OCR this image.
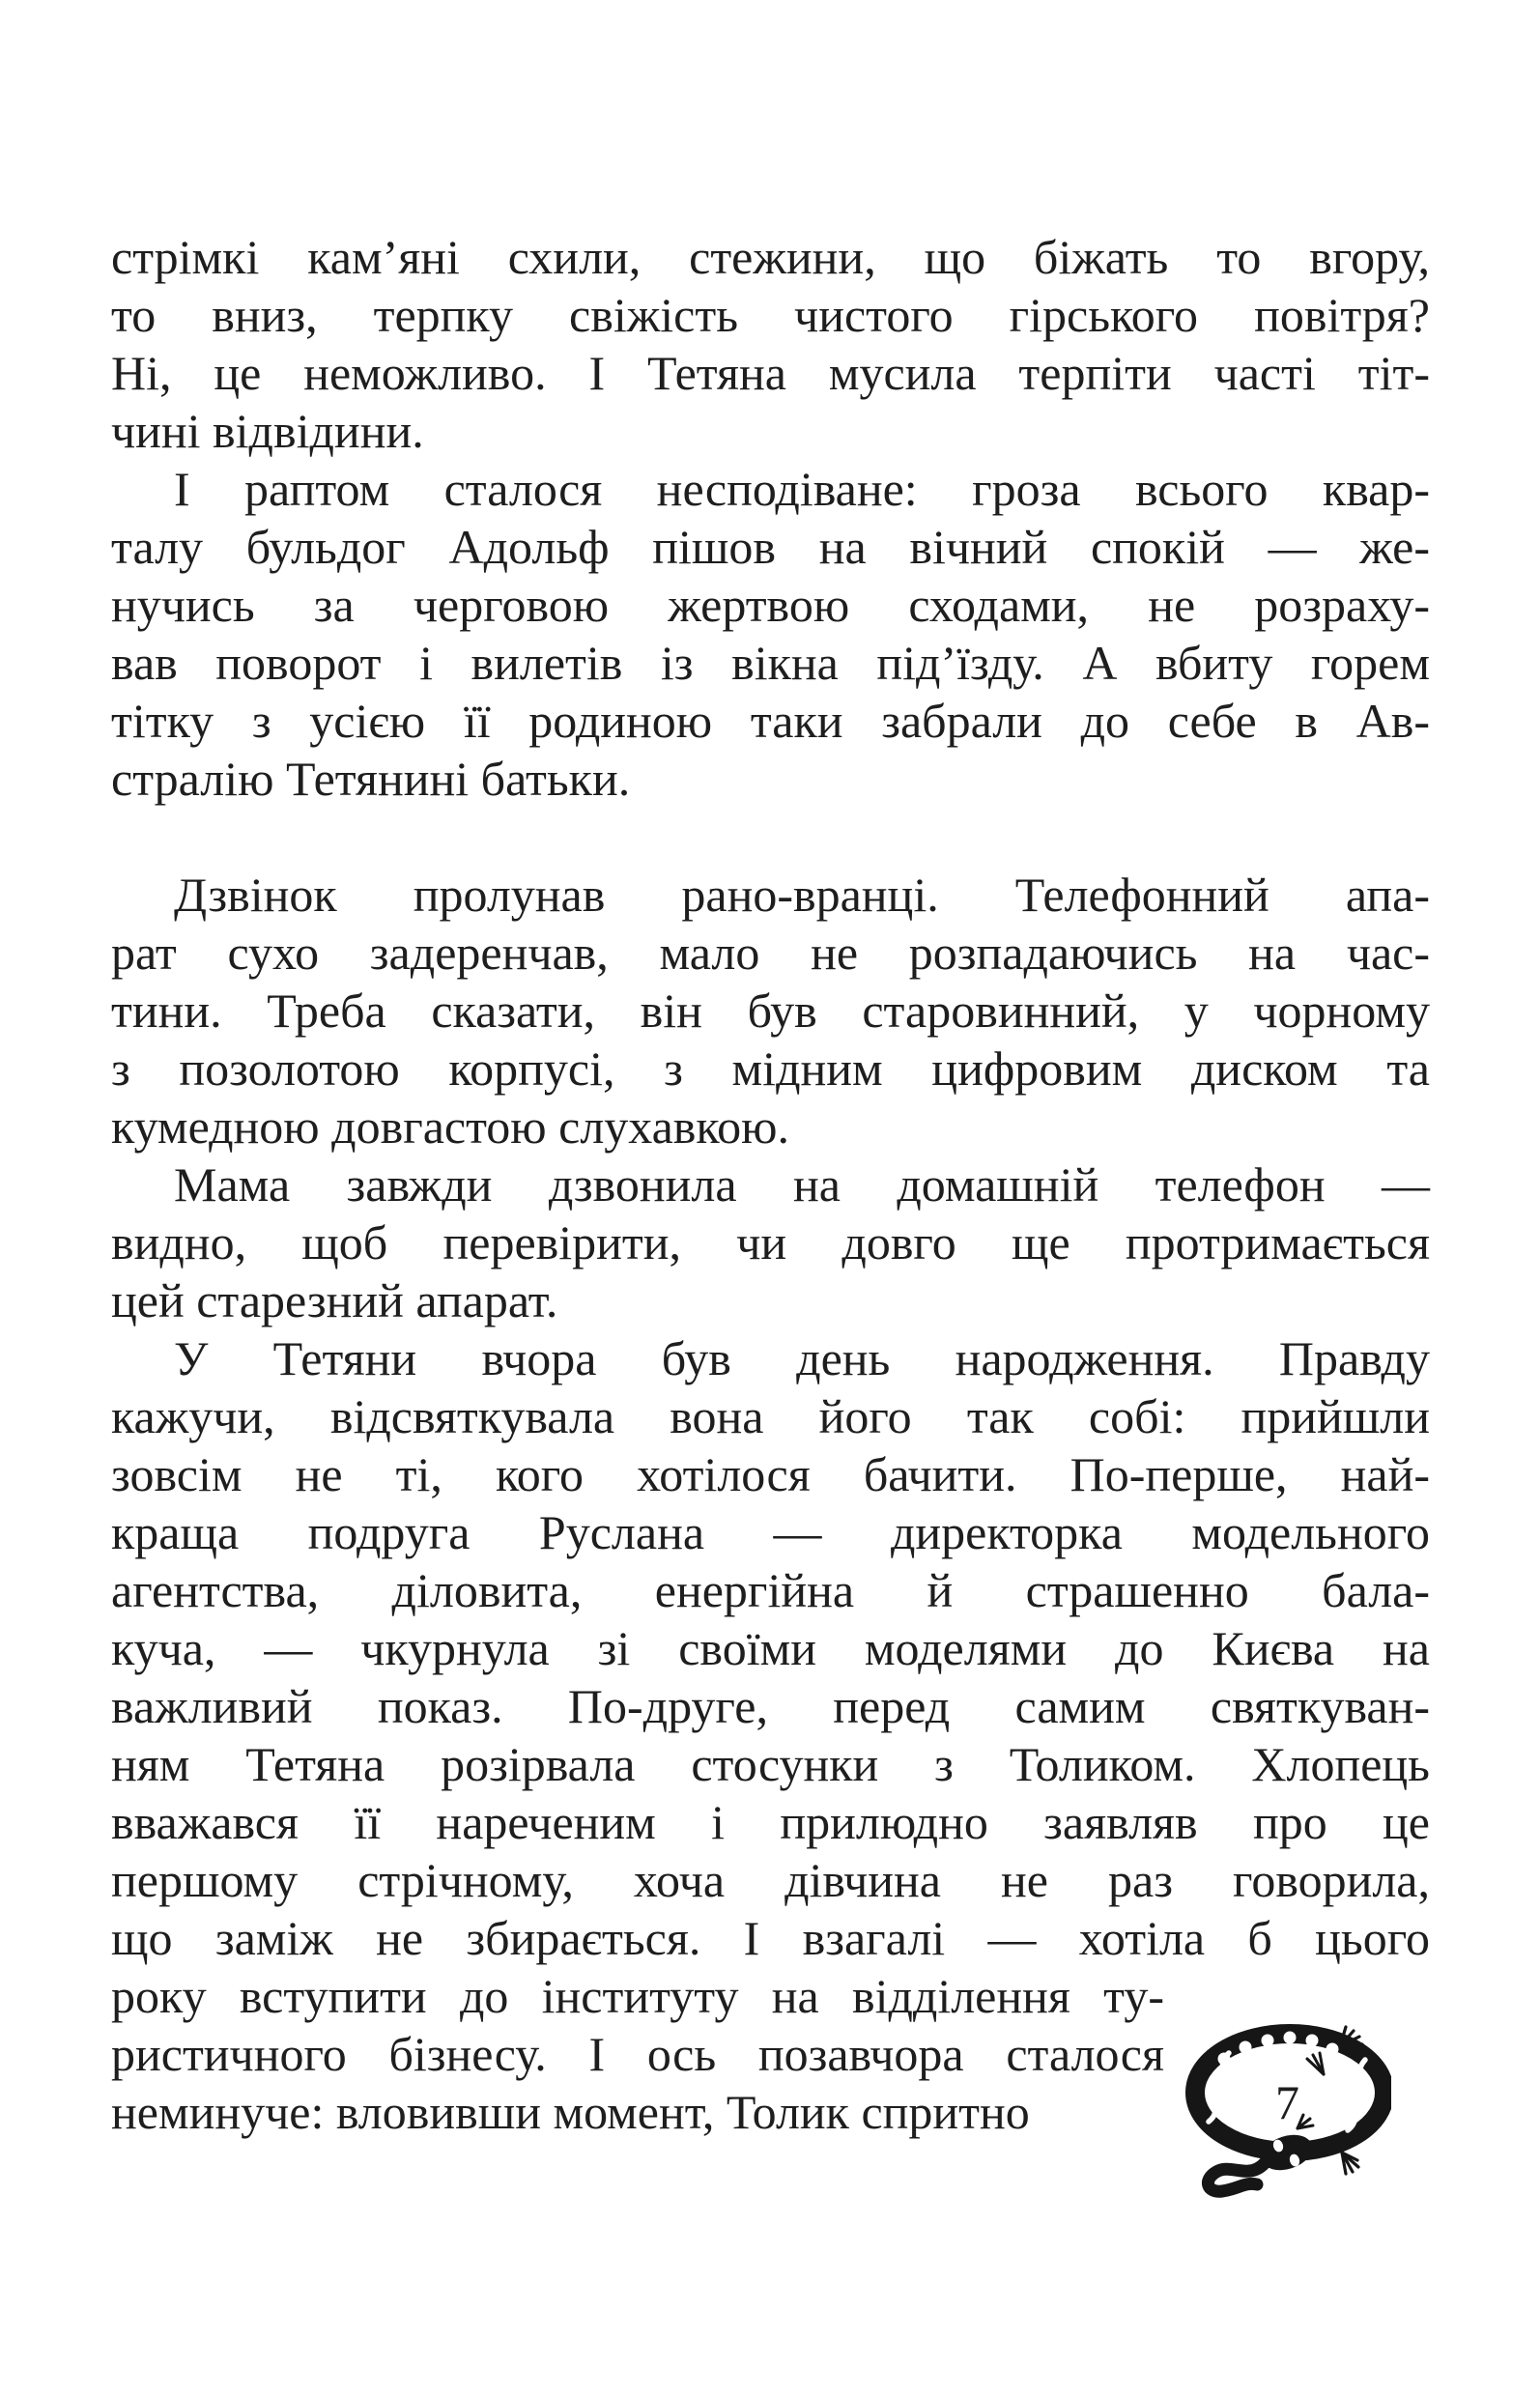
стрімкі кам’яні схили, стежини, що біжать то вгору,
то вниз, терпку свіжість чистого гірського повітря?
Ні, це неможливо. І Тетяна мусила терпіти часті тіт-
чині відвідини.
І раптом сталося несподіване: гроза всього квар-
талу бульдог Адольф пішов на вічний спокій — же-
нучись за черговою жертвою сходами, не розраху-
вав поворот і вилетів із вікна під’їзду. А вбиту горем
тітку з усією її родиною таки забрали до себе в Ав-
стралію Тетянині батьки.
Дзвінок пролунав рано-вранці. Телефонний апа-
рат сухо задеренчав, мало не розпадаючись на час-
тини. Треба сказати, він був старовинний, у чорному
з позолотою корпусі, з мідним цифровим диском та
кумедною довгастою слухавкою.
Мама завжди дзвонила на домашній телефон —
видно, щоб перевірити, чи довго ще протримається
цей старезний апарат.
У Тетяни вчора був день народження. Правду
кажучи, відсвяткувала вона його так собі: прийшли
зовсім не ті, кого хотілося бачити. По-перше, най-
краща подруга Руслана — директорка модельного
агентства, діловита, енергійна й страшенно бала-
куча, — чкурнула зі своїми моделями до Києва на
важливий показ. По-друге, перед самим святкуван-
ням Тетяна розірвала стосунки з Толиком. Хлопець
вважався її нареченим і прилюдно заявляв про це
першому стрічному, хоча дівчина не раз говорила,
що заміж не збирається. І взагалі — хотіла б цього
року вступити до інституту на відділення ту-
ристичного бізнесу. І ось позавчора сталося
неминуче: вловивши момент, Толик спритно	7
